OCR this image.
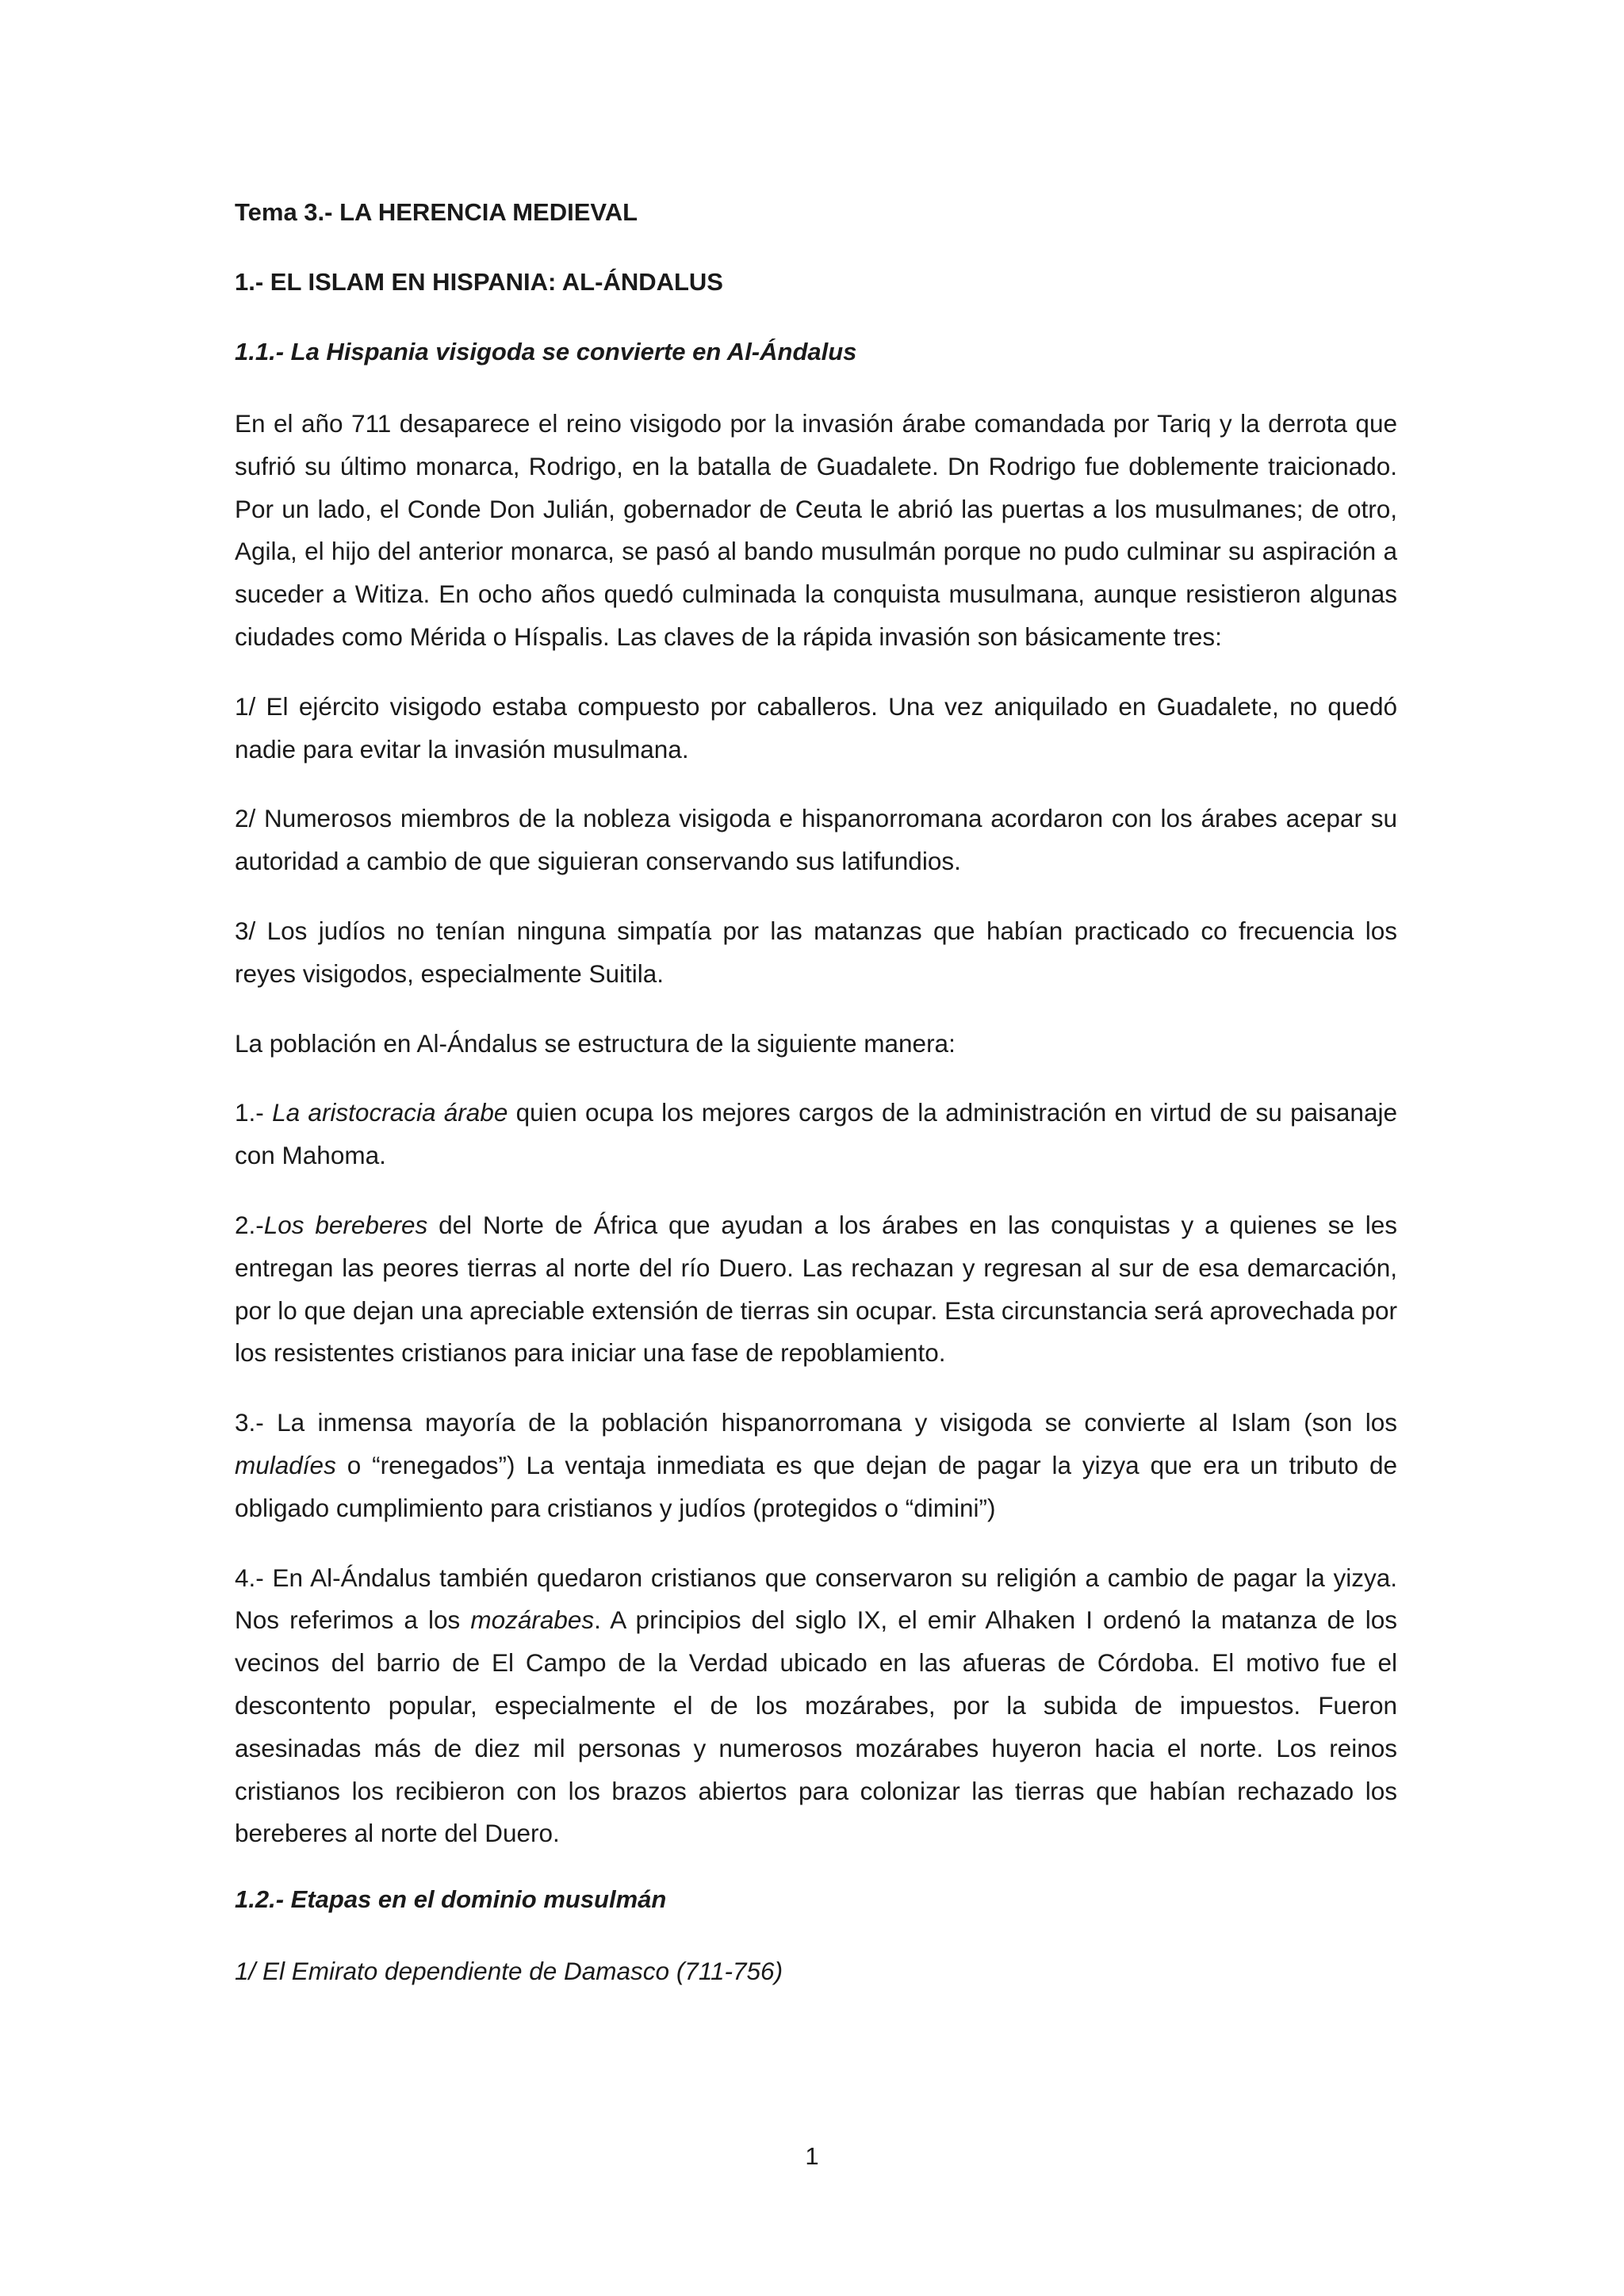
Tema 3.- LA HERENCIA MEDIEVAL
1.- EL ISLAM EN HISPANIA: AL-ÁNDALUS
1.1.- La Hispania visigoda se convierte en Al-Ándalus

En el año 711 desaparece el reino visigodo por la invasión árabe comandada por Tariq y la derrota que sufrió su último monarca, Rodrigo, en la batalla de Guadalete. Dn Rodrigo fue doblemente traicionado. Por un lado, el Conde Don Julián, gobernador de Ceuta le abrió las puertas a los musulmanes; de otro, Agila, el hijo del anterior monarca, se pasó al bando musulmán porque no pudo culminar su aspiración a suceder a Witiza. En ocho años quedó culminada la conquista musulmana, aunque resistieron algunas ciudades como Mérida o Híspalis. Las claves de la rápida invasión son básicamente tres:

1/ El ejército visigodo estaba compuesto por caballeros. Una vez aniquilado en Guadalete, no quedó nadie para evitar la invasión musulmana.

2/ Numerosos miembros de la nobleza visigoda e hispanorromana acordaron con los árabes acepar su autoridad a cambio de que siguieran conservando sus latifundios.

3/ Los judíos no tenían ninguna simpatía por las matanzas que habían practicado co frecuencia los reyes visigodos, especialmente Suitila.

La población en Al-Ándalus se estructura de la siguiente manera:

1.- La aristocracia árabe quien ocupa los mejores cargos de la administración en virtud de su paisanaje con Mahoma.

2.-Los bereberes del Norte de África que ayudan a los árabes en las conquistas y a quienes se les entregan las peores tierras al norte del río Duero. Las rechazan y regresan al sur de esa demarcación, por lo que dejan una apreciable extensión de tierras sin ocupar. Esta circunstancia será aprovechada por los resistentes cristianos para iniciar una fase de repoblamiento.

3.- La inmensa mayoría de la población hispanorromana y visigoda se convierte al Islam (son los muladíes o “renegados”) La ventaja inmediata es que dejan de pagar la yizya que era un tributo de obligado cumplimiento para cristianos y judíos (protegidos o “dimini”)

4.- En Al-Ándalus también quedaron cristianos que conservaron su religión a cambio de pagar la yizya. Nos referimos a los mozárabes. A principios del siglo IX, el emir Alhaken I ordenó la matanza de los vecinos del barrio de El Campo de la Verdad ubicado en las afueras de Córdoba. El motivo fue el descontento popular, especialmente el de los mozárabes, por la subida de impuestos. Fueron asesinadas más de diez mil personas y numerosos mozárabes huyeron hacia el norte. Los reinos cristianos los recibieron con los brazos abiertos para colonizar las tierras que habían rechazado los bereberes al norte del Duero.

1.2.- Etapas en el dominio musulmán

1/ El Emirato dependiente de Damasco (711-756)

1
